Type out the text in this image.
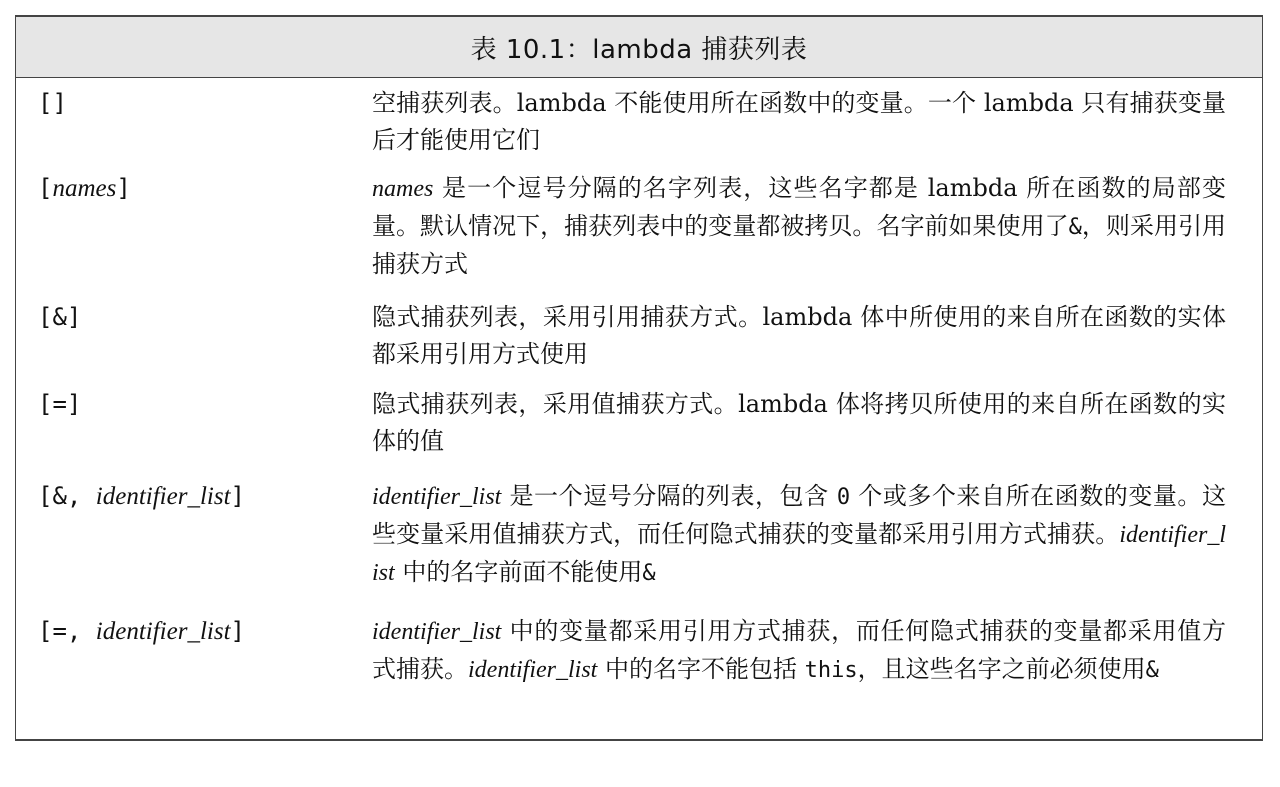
表 10.1：lambda 捕获列表
[]	空捕获列表。lambda 不能使用所在函数中的变量。一个 lambda 只有捕获变量后才能使用它们
[names]	names 是一个逗号分隔的名字列表，这些名字都是 lambda 所在函数的局部变量。默认情况下，捕获列表中的变量都被拷贝。名字前如果使用了&，则采用引用捕获方式
[&]	隐式捕获列表，采用引用捕获方式。lambda 体中所使用的来自所在函数的实体都采用引用方式使用
[=]	隐式捕获列表，采用值捕获方式。lambda 体将拷贝所使用的来自所在函数的实体的值
[&, identifier_list]	identifier_list 是一个逗号分隔的列表，包含 0 个或多个来自所在函数的变量。这些变量采用值捕获方式，而任何隐式捕获的变量都采用引用方式捕获。identifier_list 中的名字前面不能使用&
[=, identifier_list]	identifier_list 中的变量都采用引用方式捕获，而任何隐式捕获的变量都采用值方式捕获。identifier_list 中的名字不能包括 this，且这些名字之前必须使用&
